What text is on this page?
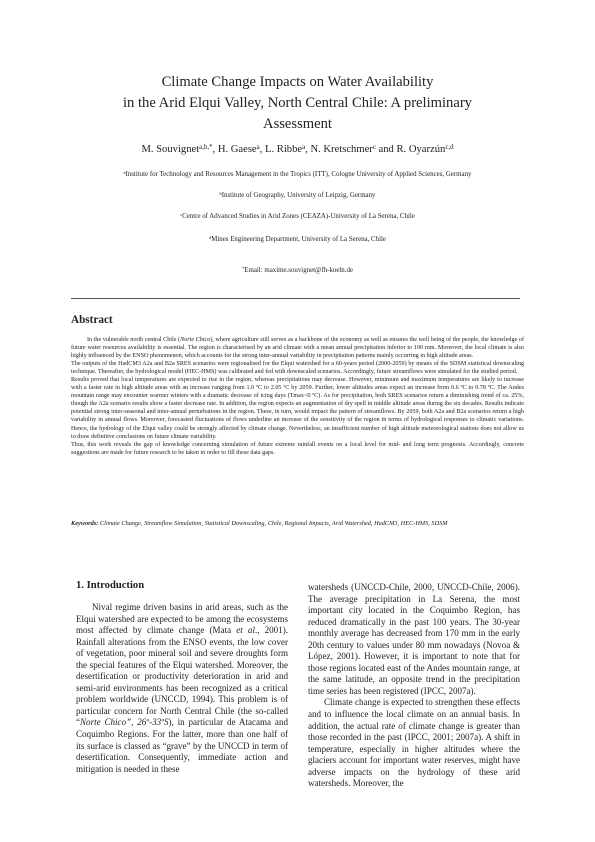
Climate Change Impacts on Water Availability
in the Arid Elqui Valley, North Central Chile: A preliminary
Assessment
M. Souvignet$^{a,b,*}$, H. Gaese$^a$, L. Ribbe$^a$, N. Kretschmer$^c$ and R. Oyarzún$^{c,d}$
$^a$Institute for Technology and Resources Management in the Tropics (ITT), Cologne University of Applied Sciences, Germany
$^b$Institute of Geography, University of Leipzig, Germany
$^c$Centre of Advanced Studies in Arid Zones (CEAZA)-University of La Serena, Chile
$^d$Mines Engineering Department, University of La Serena, Chile
*Email: maxime.souvignet@fh-koeln.de
Abstract

In the vulnerable north central Chile (Norte Chico), where agriculture still serves as a backbone of the economy as well as ensures the well being of the people, the knowledge of future water resources availability is essential. The region is characterised by an arid climate with a mean annual precipitation inferior to 100 mm. Moreover, the local climate is also highly influenced by the ENSO phenomenon, which accounts for the strong inter-annual variability in precipitation patterns mainly occurring in high altitude areas.

The outputs of the HadCM3 A2a and B2a SRES scenarios were regionalised for the Elqui watershed for a 60-years period (2000-2059) by means of the SDSM statistical downscaling technique. Thereafter, the hydrological model (HEC-HMS) was calibrated and fed with downscaled scenarios. Accordingly, future streamflows were simulated for the studied period.

Results proved that local temperatures are expected to rise in the region, whereas precipitations may decrease. However, minimum and maximum temperatures are likely to increase with a faster rate in high altitude areas with an increase ranging from 1.0 ºC to 2.05 ºC by 2059. Further, lower altitudes areas expect an increase from 0.6 ºC to 0.78 ºC. The Andes mountain range may encounter warmer winters with a dramatic decrease of icing days (Tmax<0 ºC). As for precipitation, both SRES scenarios return a diminishing trend of ca. 25%, though the A2a scenario results show a faster decrease rate. In addition, the region expects an augmentation of dry spell in middle altitude areas during the six decades. Results indicate potential strong inter-seasonal and inter-annual perturbations in the region. These, in turn, would impact the pattern of streamflows. By 2059, both A2a and B2a scenarios return a high variability in annual flows. Moreover, forecasted fluctuations of flows underline an increase of the sensitivity of the region in terms of hydrological responses to climatic variations. Hence, the hydrology of the Elqui valley could be strongly affected by climate change. Nevertheless, an insufficient number of high altitude meteorological stations does not allow us to draw definitive conclusions on future climate variability.

Thus, this work reveals the gap of knowledge concerning simulation of future extreme rainfall events on a local level for mid- and long term prognosis. Accordingly, concrete suggestions are made for future research to be taken in order to fill these data gaps.

Keywords: Climate Change, Streamflow Simulation, Statistical Downscaling, Chile, Regional Impacts, Arid Watershed, HadCM3, HEC-HMS, SDSM
1. Introduction

Nival regime driven basins in arid areas, such as the Elqui watershed are expected to be among the ecosystems most affected by climate change (Mata et al., 2001). Rainfall alterations from the ENSO events, the low cover of vegetation, poor mineral soil and severe droughts form the special features of the Elqui watershed. Moreover, the desertification or productivity deterioration in arid and semi-arid environments has been recognized as a critical problem worldwide (UNCCD, 1994). This problem is of particular concern for North Central Chile (the so-called “Norte Chico”, 26º-33ºS), in particular de Atacama and Coquimbo Regions. For the latter, more than one half of its surface is classed as “grave” by the UNCCD in term of desertification. Consequently, immediate action and mitigation is needed in these

watersheds (UNCCD-Chile, 2000, UNCCD-Chile, 2006). The average precipitation in La Serena, the most important city located in the Coquimbo Region, has reduced dramatically in the past 100 years. The 30-year monthly average has decreased from 170 mm in the early 20th century to values under 80 mm nowadays (Novoa & López, 2001). However, it is important to note that for those regions located east of the Andes mountain range, at the same latitude, an opposite trend in the precipitation time series has been registered (IPCC, 2007a).

Climate change is expected to strengthen these effects and to influence the local climate on an annual basis. In addition, the actual rate of climate change is greater than those recorded in the past (IPCC, 2001; 2007a). A shift in temperature, especially in higher altitudes where the glaciers account for important water reserves, might have adverse impacts on the hydrology of these arid watersheds. Moreover, the
